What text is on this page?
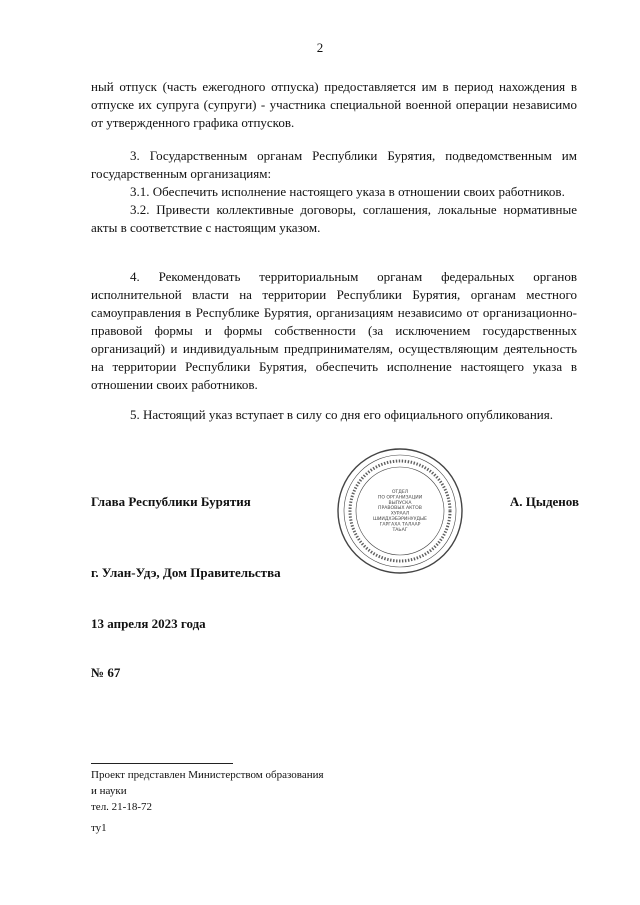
2

ный отпуск (часть ежегодного отпуска) предоставляется им в период нахождения в отпуске их супруга (супруги) - участника специальной военной операции независимо от утвержденного графика отпусков.

3. Государственным органам Республики Бурятия, подведомственным им государственным организациям:

3.1. Обеспечить исполнение настоящего указа в отношении своих работников.

3.2. Привести коллективные договоры, соглашения, локальные нормативные акты в соответствие с настоящим указом.

4. Рекомендовать территориальным органам федеральных органов исполнительной власти на территории Республики Бурятия, органам местного самоуправления в Республике Бурятия, организациям независимо от организационно-правовой формы и формы собственности (за исключением государственных организаций) и индивидуальным предпринимателям, осуществляющим деятельность на территории Республики Бурятия, обеспечить исполнение настоящего указа в отношении своих работников.

5. Настоящий указ вступает в силу со дня его официального опубликования.

Глава Республики Бурятия
ОТДЕЛ
ПО ОРГАНИЗАЦИИ
ВЫПУСКА
ПРАВОВЫХ АКТОВ
ХУРААЛ
ШИИДХЭБЭРИНУУДЫЕ
ГАРГАХА ТАЛААР
ТАЬАГ
А. Цыденов
г. Улан-Удэ, Дом Правительства
13 апреля 2023 года
№ 67
Проект представлен Министерством образования
и науки
тел. 21-18-72
ту1
